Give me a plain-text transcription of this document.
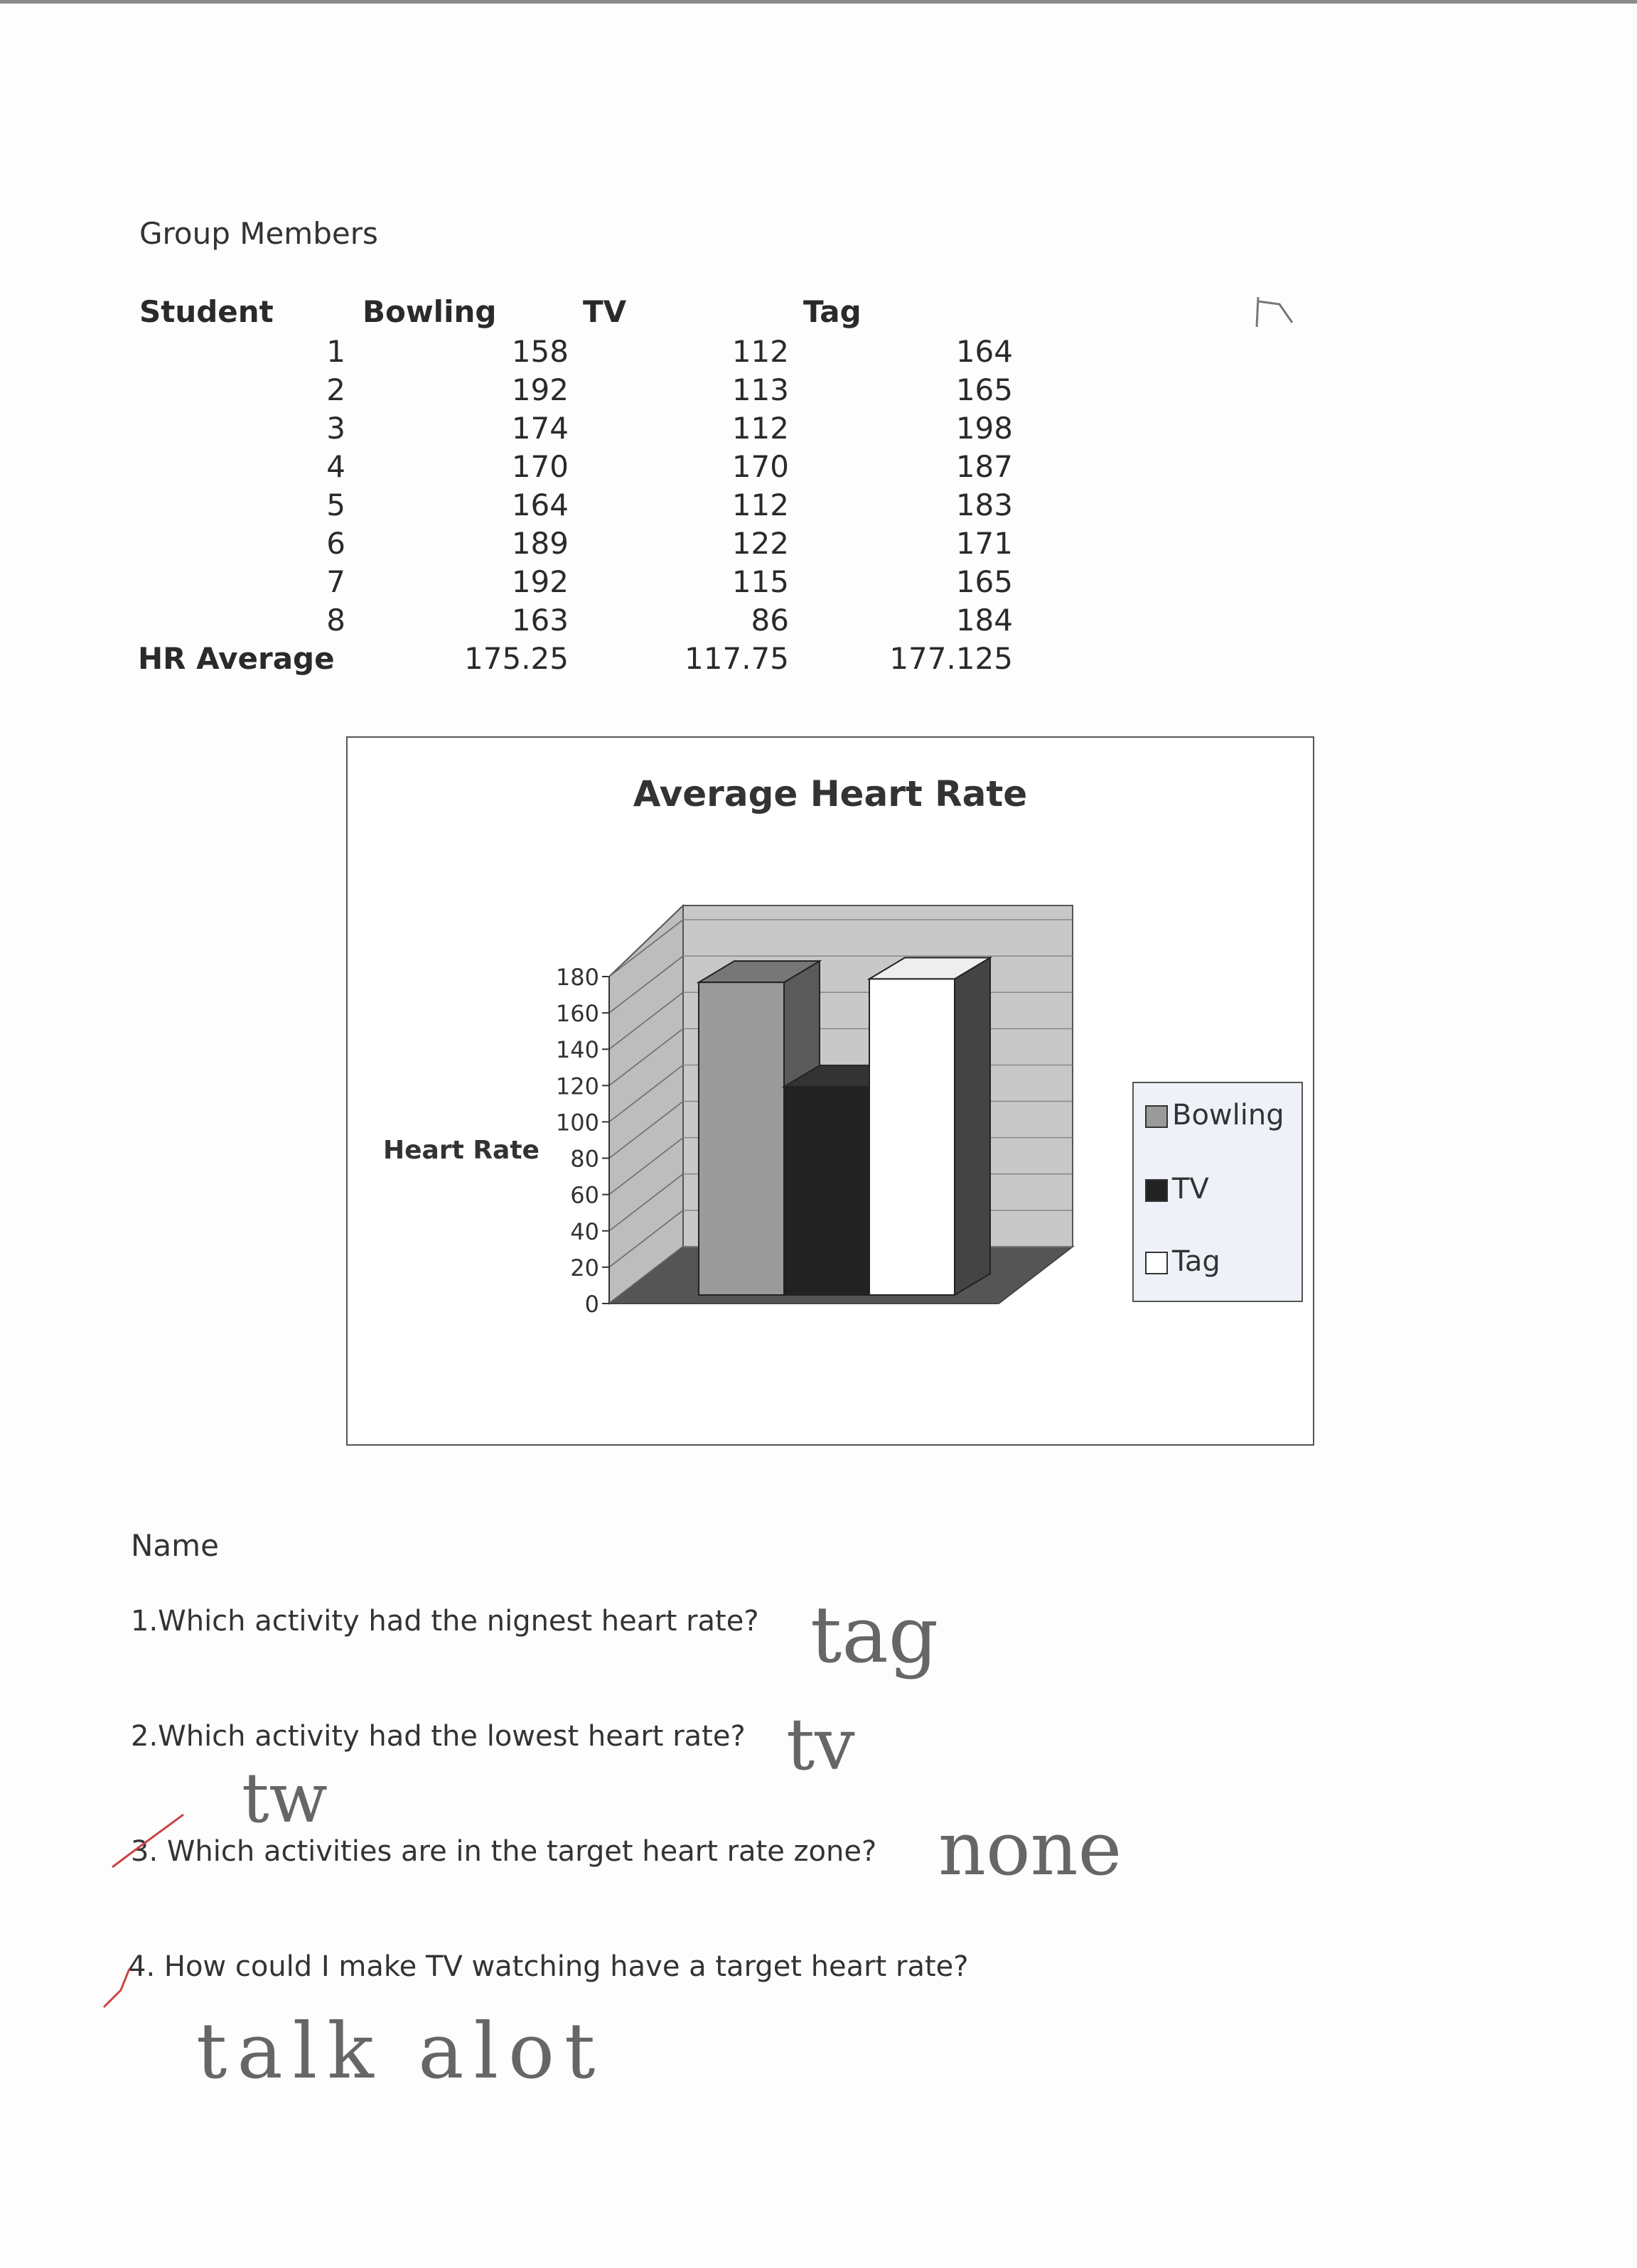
Group Members
Student	Bowling	TV	Tag
1	158	112	164
2	192	113	165
3	174	112	198
4	170	170	187
5	164	112	183
6	189	122	171
7	192	115	165
8	163	86	184
HR Average	175.25	117.75	177.125
Average Heart Rate
Heart Rate
0
20
40
60
80
100
120
140
160
180
Bowling
TV
Tag
Name
1.Which activity had the nignest heart rate? tag
2.Which activity had the lowest heart rate? tv
tw
3. Which activities are in the target heart rate zone? none
4. How could I make TV watching have a target heart rate?
talk alot
